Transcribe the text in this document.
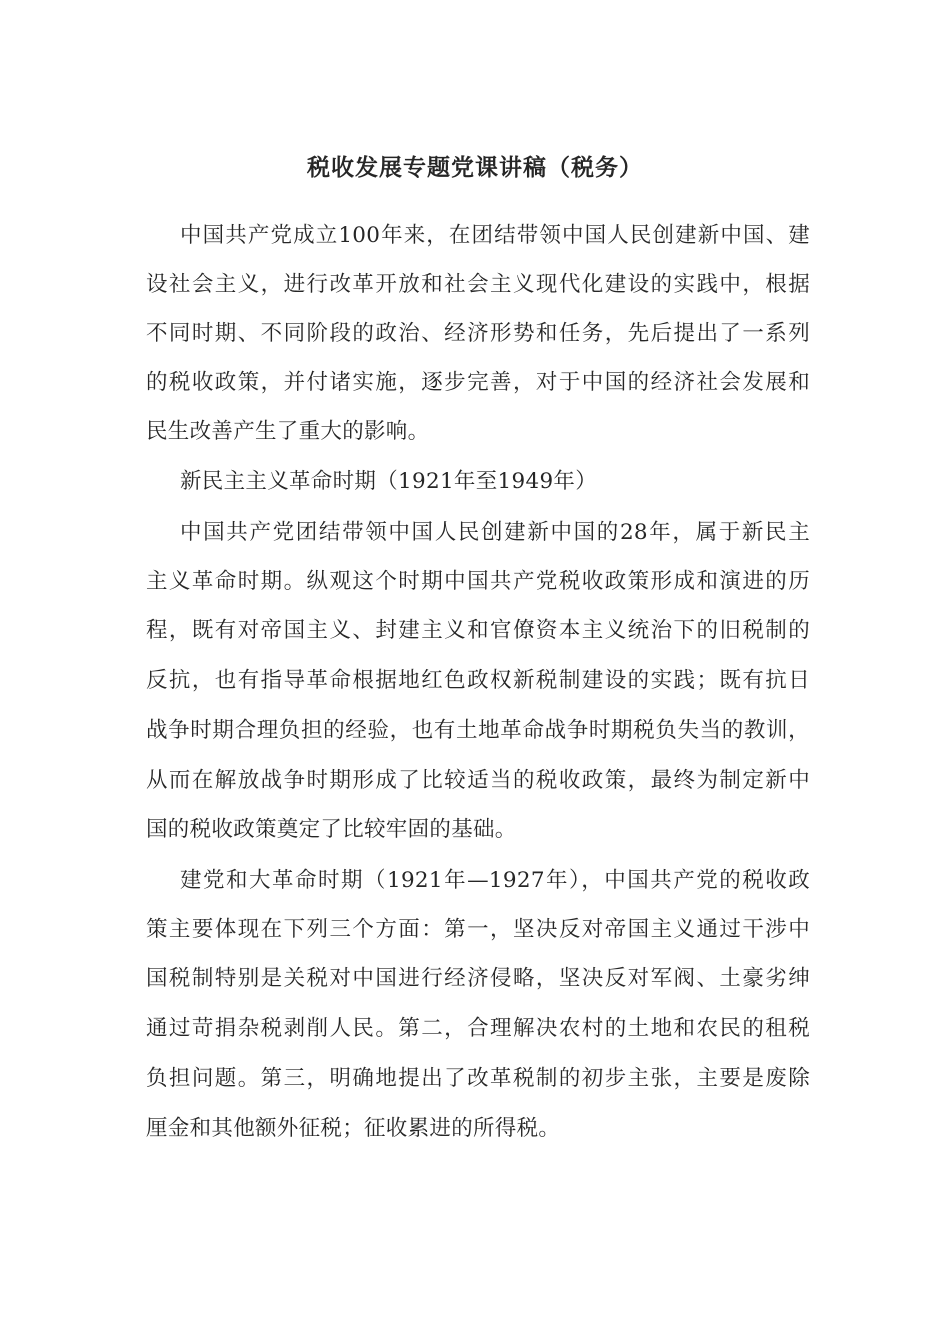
税收发展专题党课讲稿（税务）
中国共产党成立100年来，在团结带领中国人民创建新中国、建
设社会主义，进行改革开放和社会主义现代化建设的实践中，根据
不同时期、不同阶段的政治、经济形势和任务，先后提出了一系列
的税收政策，并付诸实施，逐步完善，对于中国的经济社会发展和
民生改善产生了重大的影响。
新民主主义革命时期（1921年至1949年）
中国共产党团结带领中国人民创建新中国的28年，属于新民主
主义革命时期。纵观这个时期中国共产党税收政策形成和演进的历
程，既有对帝国主义、封建主义和官僚资本主义统治下的旧税制的
反抗，也有指导革命根据地红色政权新税制建设的实践；既有抗日
战争时期合理负担的经验，也有土地革命战争时期税负失当的教训，
从而在解放战争时期形成了比较适当的税收政策，最终为制定新中
国的税收政策奠定了比较牢固的基础。
建党和大革命时期（1921年—1927年），中国共产党的税收政
策主要体现在下列三个方面：第一，坚决反对帝国主义通过干涉中
国税制特别是关税对中国进行经济侵略，坚决反对军阀、土豪劣绅
通过苛捐杂税剥削人民。第二，合理解决农村的土地和农民的租税
负担问题。第三，明确地提出了改革税制的初步主张，主要是废除
厘金和其他额外征税；征收累进的所得税。
